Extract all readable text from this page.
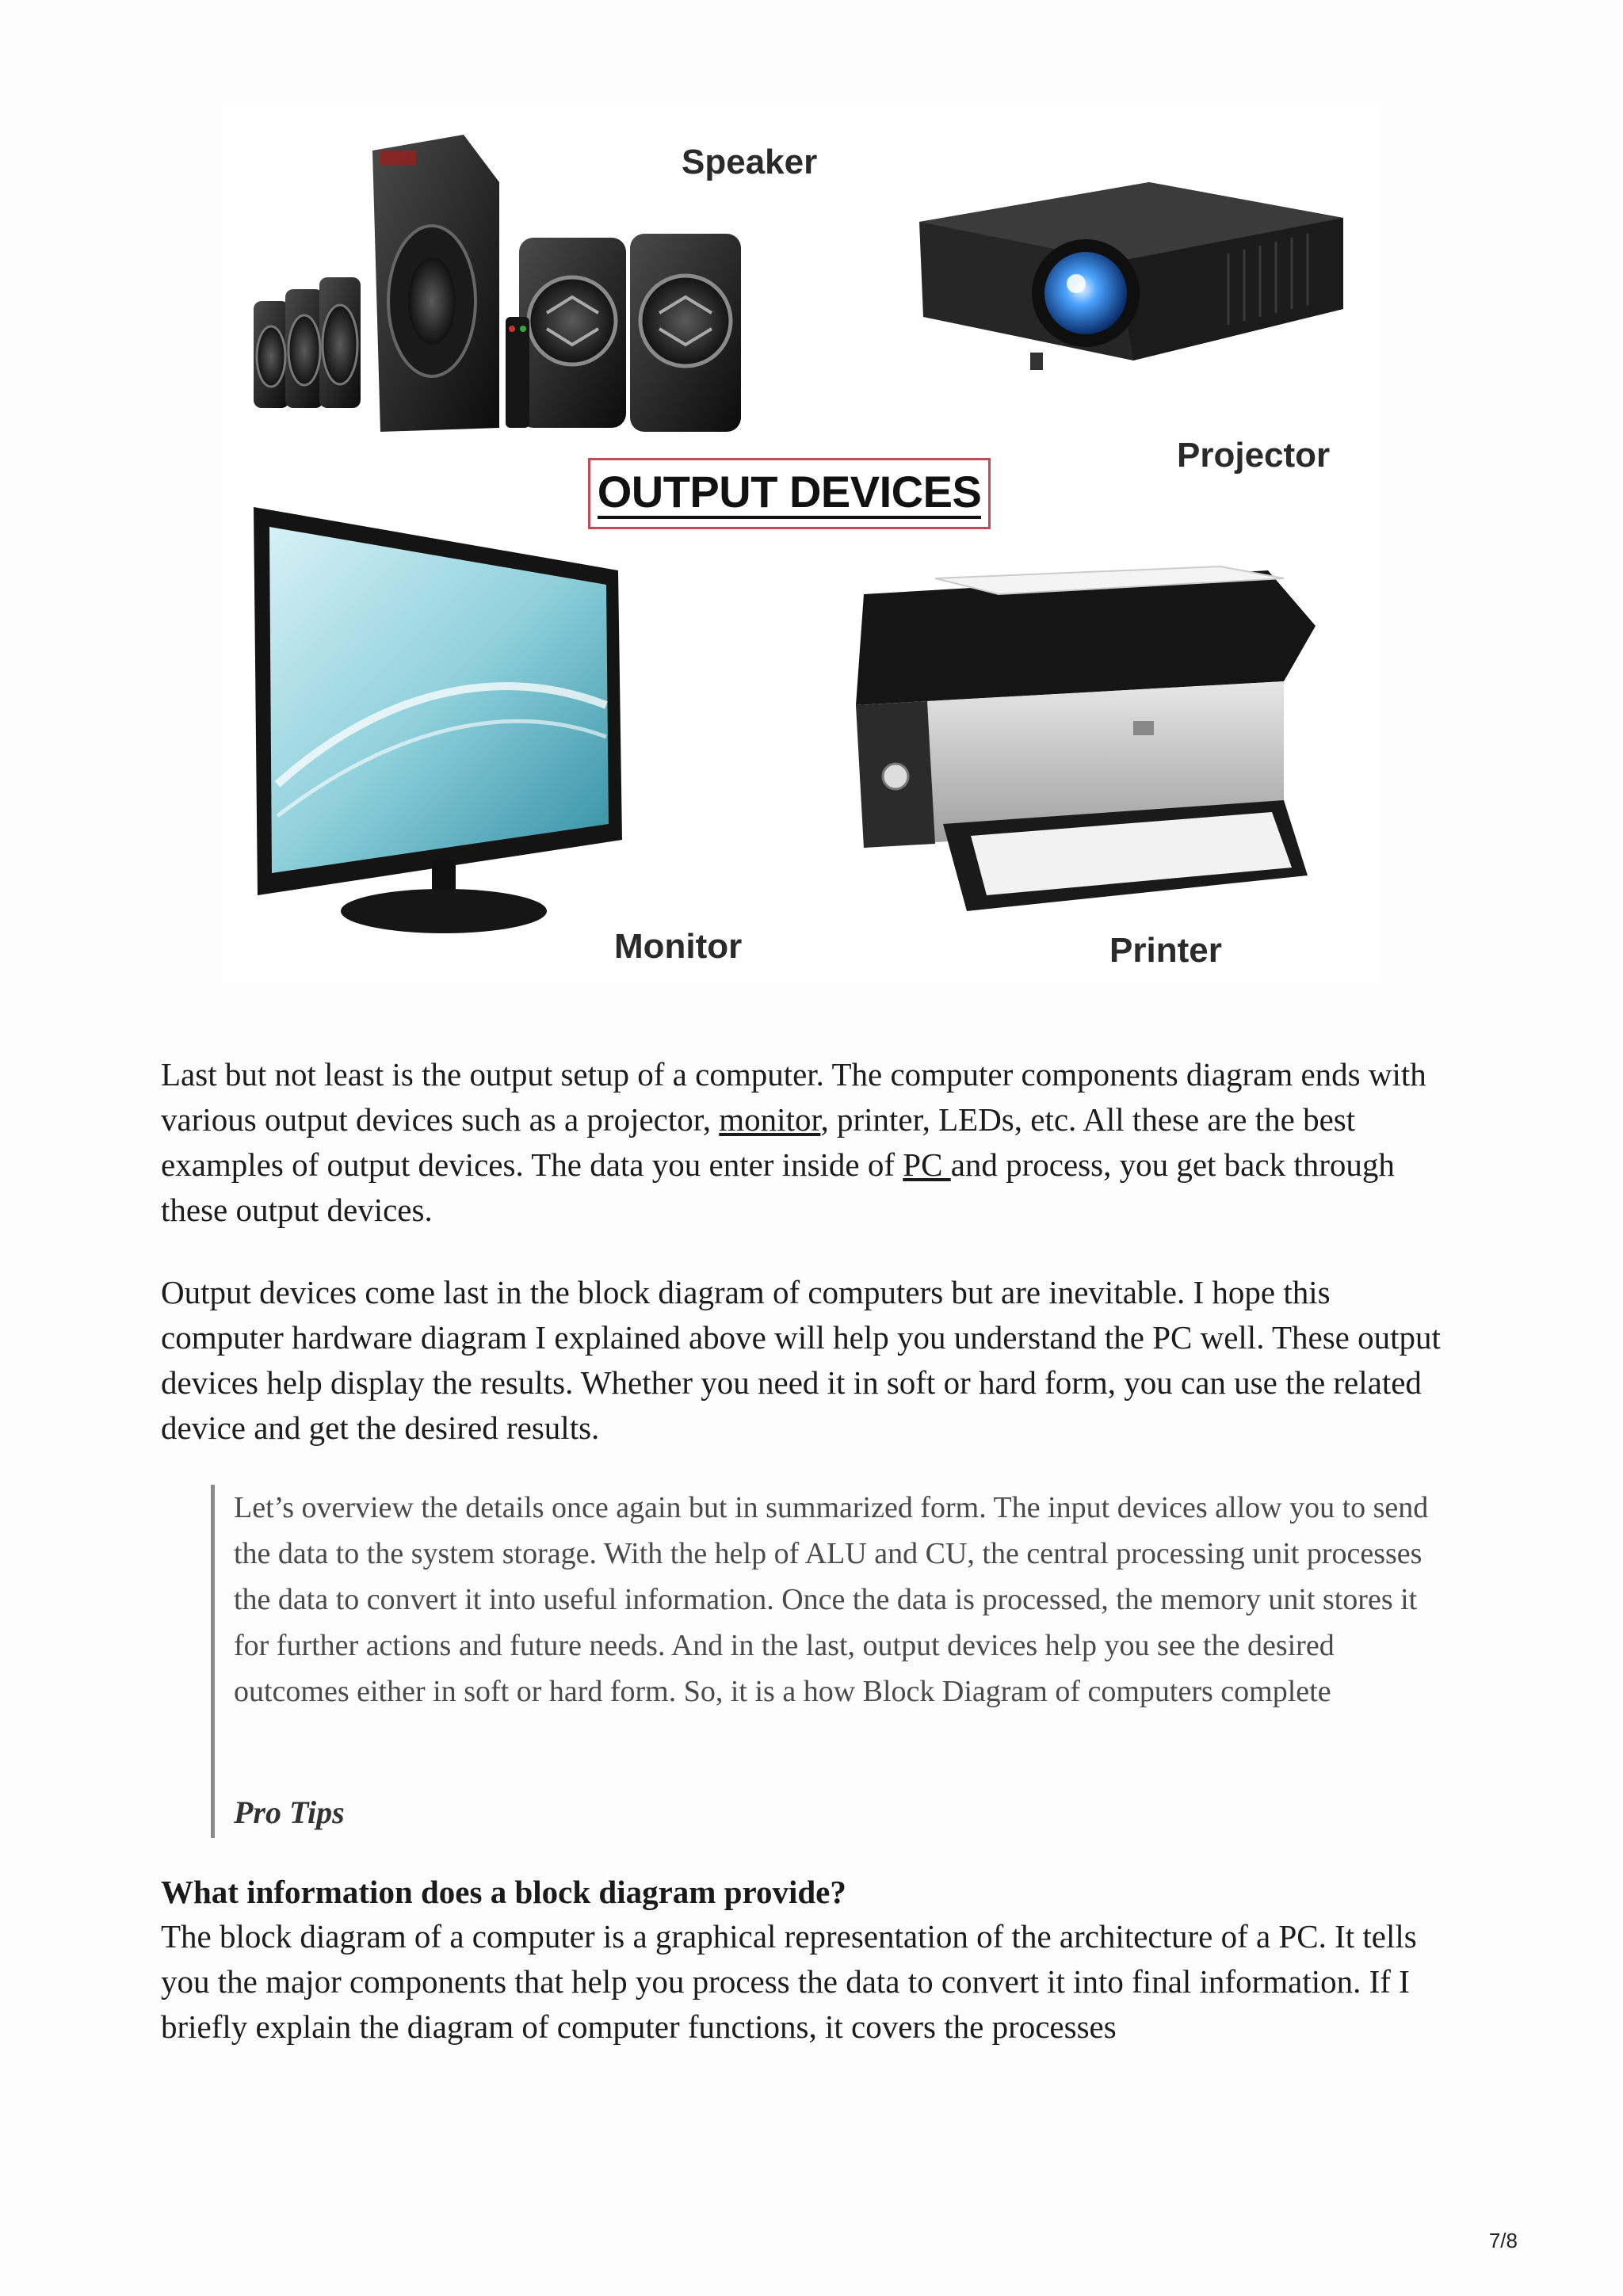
Speaker
Projector
OUTPUT DEVICES
Monitor	Printer

Last but not least is the output setup of a computer. The computer components diagram ends with various output devices such as a projector, monitor, printer, LEDs, etc. All these are the best examples of output devices. The data you enter inside of PC and process, you get back through these output devices.

Output devices come last in the block diagram of computers but are inevitable. I hope this computer hardware diagram I explained above will help you understand the PC well. These output devices help display the results. Whether you need it in soft or hard form, you can use the related device and get the desired results.

Let’s overview the details once again but in summarized form. The input devices allow you to send the data to the system storage. With the help of ALU and CU, the central processing unit processes the data to convert it into useful information. Once the data is processed, the memory unit stores it for further actions and future needs. And in the last, output devices help you see the desired outcomes either in soft or hard form. So, it is a how Block Diagram of computers complete

Pro Tips

What information does a block diagram provide?

The block diagram of a computer is a graphical representation of the architecture of a PC. It tells you the major components that help you process the data to convert it into final information. If I briefly explain the diagram of computer functions, it covers the processes

7/8
